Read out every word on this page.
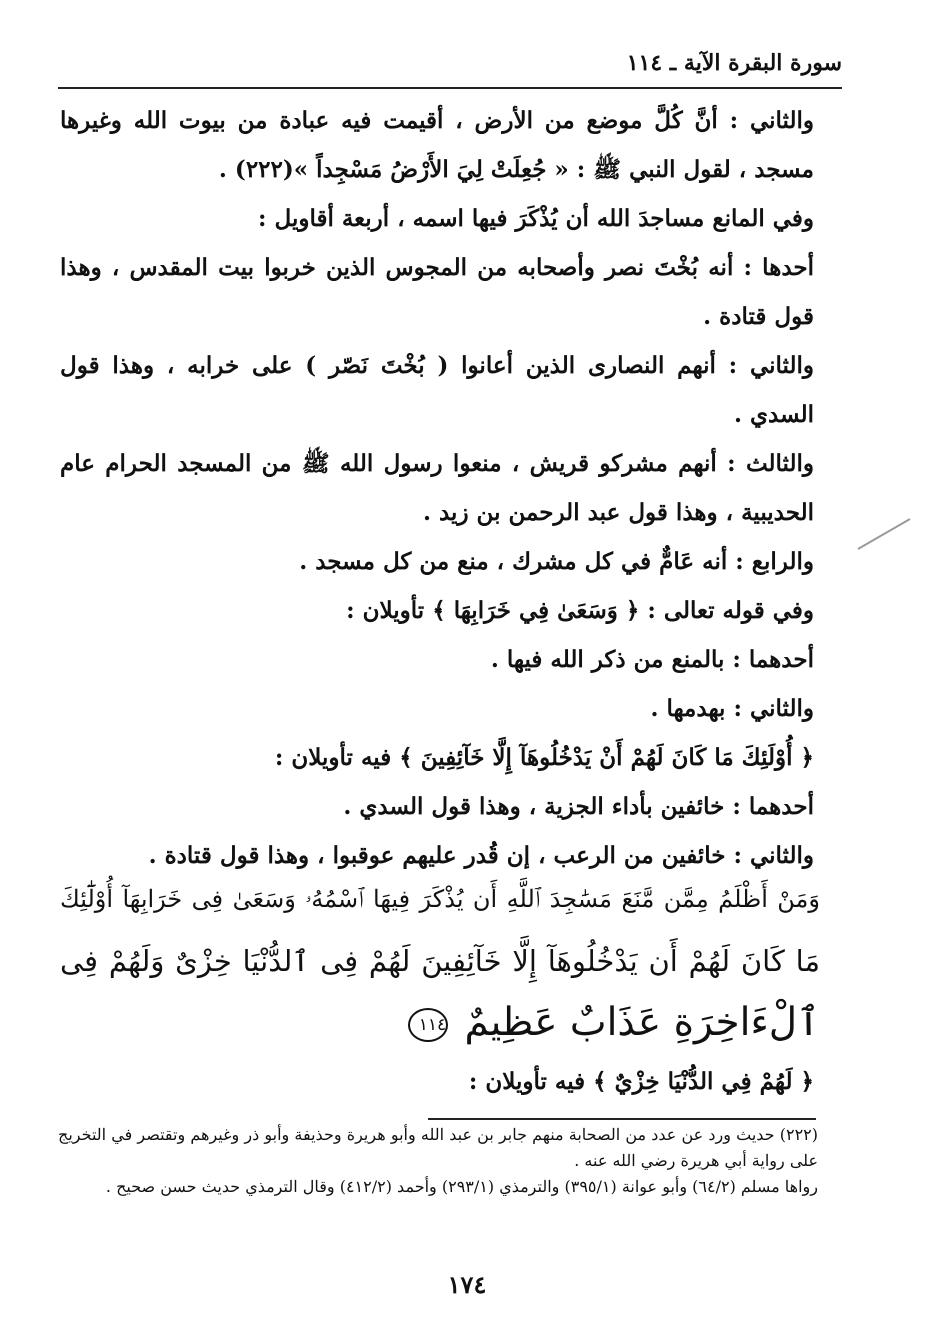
سورة البقرة الآية ـ ١١٤

والثاني : أنَّ كُلَّ موضع من الأرض ، أقيمت فيه عبادة من بيوت الله وغيرها مسجد ، لقول النبي ﷺ : « جُعِلَتْ لِيَ الأَرْضُ مَسْجِداً »(٢٢٢) .

وفي المانع مساجدَ الله أن يُذْكَرَ فيها اسمه ، أربعة أقاويل :

أحدها : أنه بُخْتَ نصر وأصحابه من المجوس الذين خربوا بيت المقدس ، وهذا قول قتادة .

والثاني : أنهم النصارى الذين أعانوا ( بُخْتَ نَصّر ) على خرابه ، وهذا قول السدي .

والثالث : أنهم مشركو قريش ، منعوا رسول الله ﷺ من المسجد الحرام عام الحديبية ، وهذا قول عبد الرحمن بن زيد .

والرابع : أنه عَامٌّ في كل مشرك ، منع من كل مسجد .

وفي قوله تعالى : ﴿ وَسَعَىٰ فِي خَرَابِهَا ﴾ تأويلان :

أحدهما : بالمنع من ذكر الله فيها .

والثاني : بهدمها .

﴿ أُوْلَئِكَ مَا كَانَ لَهُمْ أَنْ يَدْخُلُوهَآ إِلَّا خَآئِفِينَ ﴾ فيه تأويلان :

أحدهما : خائفين بأداء الجزية ، وهذا قول السدي .

والثاني : خائفين من الرعب ، إن قُدر عليهم عوقبوا ، وهذا قول قتادة .

وَمَنْ أَظْلَمُ مِمَّن مَّنَعَ مَسَٰجِدَ ٱللَّهِ أَن يُذْكَرَ فِيهَا ٱسْمُهُۥ وَسَعَىٰ فِى خَرَابِهَآ أُوْلَٰٓئِكَ
مَا كَانَ لَهُمْ أَن يَدْخُلُوهَآ إِلَّا خَآئِفِينَ لَهُمْ فِى ٱلدُّنْيَا خِزْىٌ وَلَهُمْ فِى
ٱلْءَاخِرَةِ عَذَابٌ عَظِيمٌ ١١٤
﴿ لَهُمْ فِي الدُّنْيَا خِزْيٌ ﴾ فيه تأويلان :

(٢٢٢) حديث ورد عن عدد من الصحابة منهم جابر بن عبد الله وأبو هريرة وحذيفة وأبو ذر وغيرهم وتقتصر في التخريج على رواية أبي هريرة رضي الله عنه .

رواها مسلم (٦٤/٢) وأبو عوانة (٣٩٥/١) والترمذي (٢٩٣/١) وأحمد (٤١٢/٢) وقال الترمذي حديث حسن صحيح .

١٧٤
